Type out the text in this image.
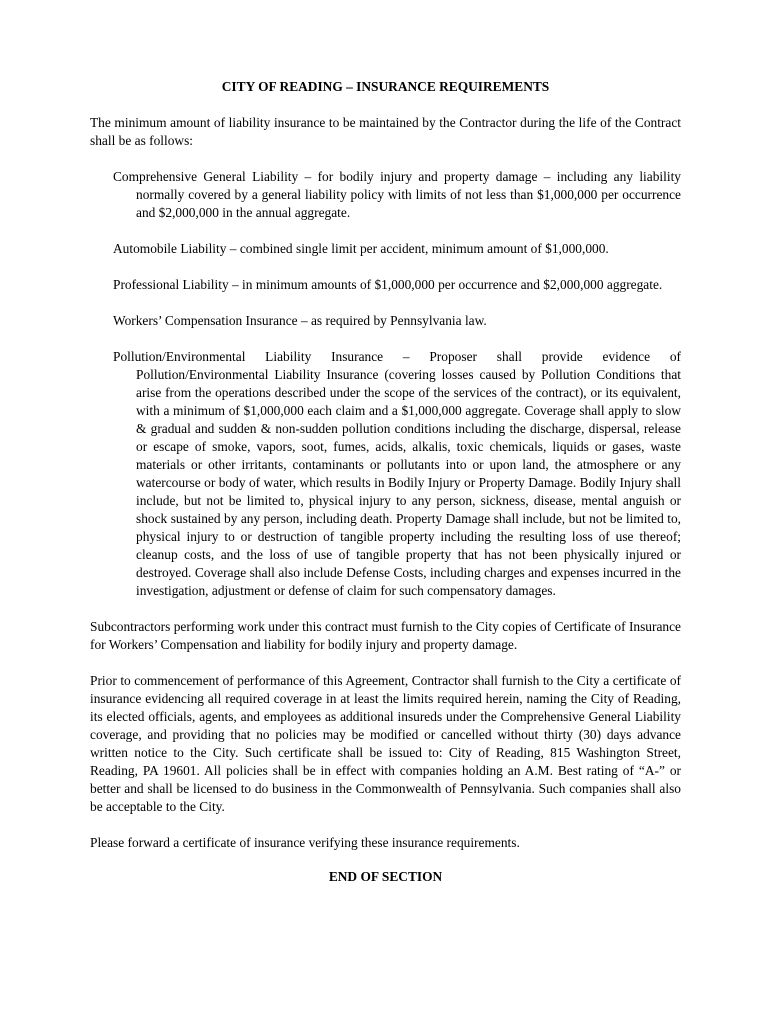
CITY OF READING – INSURANCE REQUIREMENTS

The minimum amount of liability insurance to be maintained by the Contractor during the life of the Contract shall be as follows:

Comprehensive General Liability – for bodily injury and property damage – including any liability normally covered by a general liability policy with limits of not less than $1,000,000 per occurrence and $2,000,000 in the annual aggregate.

Automobile Liability – combined single limit per accident, minimum amount of $1,000,000.

Professional Liability – in minimum amounts of $1,000,000 per occurrence and $2,000,000 aggregate.

Workers’ Compensation Insurance – as required by Pennsylvania law.

Pollution/Environmental Liability Insurance – Proposer shall provide evidence of Pollution/Environmental Liability Insurance (covering losses caused by Pollution Conditions that arise from the operations described under the scope of the services of the contract), or its equivalent, with a minimum of $1,000,000 each claim and a $1,000,000 aggregate. Coverage shall apply to slow & gradual and sudden & non-sudden pollution conditions including the discharge, dispersal, release or escape of smoke, vapors, soot, fumes, acids, alkalis, toxic chemicals, liquids or gases, waste materials or other irritants, contaminants or pollutants into or upon land, the atmosphere or any watercourse or body of water, which results in Bodily Injury or Property Damage. Bodily Injury shall include, but not be limited to, physical injury to any person, sickness, disease, mental anguish or shock sustained by any person, including death. Property Damage shall include, but not be limited to, physical injury to or destruction of tangible property including the resulting loss of use thereof; cleanup costs, and the loss of use of tangible property that has not been physically injured or destroyed. Coverage shall also include Defense Costs, including charges and expenses incurred in the investigation, adjustment or defense of claim for such compensatory damages.

Subcontractors performing work under this contract must furnish to the City copies of Certificate of Insurance for Workers’ Compensation and liability for bodily injury and property damage.

Prior to commencement of performance of this Agreement, Contractor shall furnish to the City a certificate of insurance evidencing all required coverage in at least the limits required herein, naming the City of Reading, its elected officials, agents, and employees as additional insureds under the Comprehensive General Liability coverage, and providing that no policies may be modified or cancelled without thirty (30) days advance written notice to the City. Such certificate shall be issued to: City of Reading, 815 Washington Street, Reading, PA 19601. All policies shall be in effect with companies holding an A.M. Best rating of “A-” or better and shall be licensed to do business in the Commonwealth of Pennsylvania. Such companies shall also be acceptable to the City.

Please forward a certificate of insurance verifying these insurance requirements.

END OF SECTION
